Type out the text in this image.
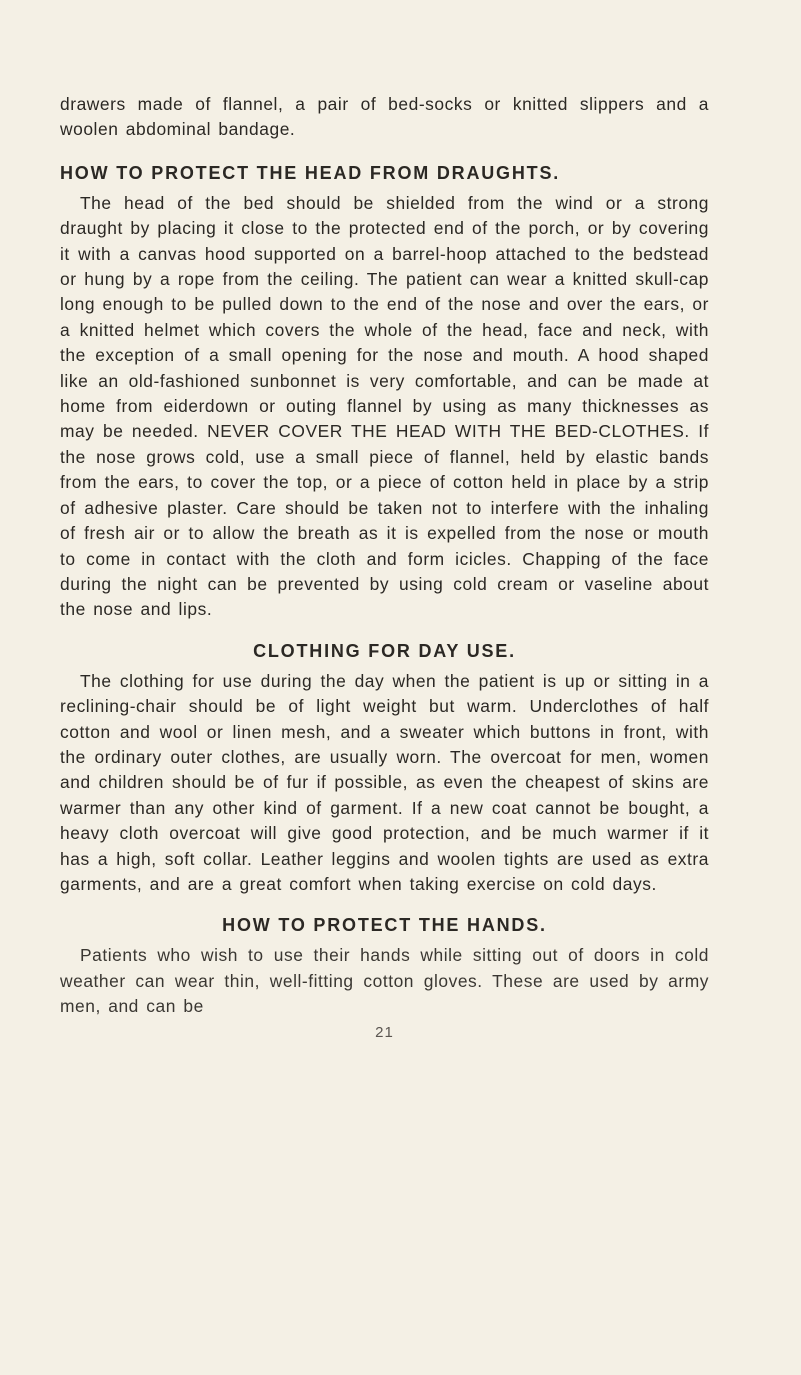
drawers made of flannel, a pair of bed-socks or knitted slippers and a woolen abdominal bandage.

HOW TO PROTECT THE HEAD FROM DRAUGHTS.

The head of the bed should be shielded from the wind or a strong draught by placing it close to the protected end of the porch, or by covering it with a canvas hood supported on a barrel-hoop attached to the bedstead or hung by a rope from the ceiling. The patient can wear a knitted skull-cap long enough to be pulled down to the end of the nose and over the ears, or a knitted helmet which covers the whole of the head, face and neck, with the exception of a small opening for the nose and mouth. A hood shaped like an old-fashioned sunbonnet is very comfortable, and can be made at home from eiderdown or outing flannel by using as many thicknesses as may be needed. NEVER COVER THE HEAD WITH THE BED-CLOTHES. If the nose grows cold, use a small piece of flannel, held by elastic bands from the ears, to cover the top, or a piece of cotton held in place by a strip of adhesive plaster. Care should be taken not to interfere with the inhaling of fresh air or to allow the breath as it is expelled from the nose or mouth to come in contact with the cloth and form icicles. Chapping of the face during the night can be prevented by using cold cream or vaseline about the nose and lips.

CLOTHING FOR DAY USE.

The clothing for use during the day when the patient is up or sitting in a reclining-chair should be of light weight but warm. Underclothes of half cotton and wool or linen mesh, and a sweater which buttons in front, with the ordinary outer clothes, are usually worn. The overcoat for men, women and children should be of fur if possible, as even the cheapest of skins are warmer than any other kind of garment. If a new coat cannot be bought, a heavy cloth overcoat will give good protection, and be much warmer if it has a high, soft collar. Leather leggins and woolen tights are used as extra garments, and are a great comfort when taking exercise on cold days.

HOW TO PROTECT THE HANDS.

Patients who wish to use their hands while sitting out of doors in cold weather can wear thin, well-fitting cotton gloves. These are used by army men, and can be

21
